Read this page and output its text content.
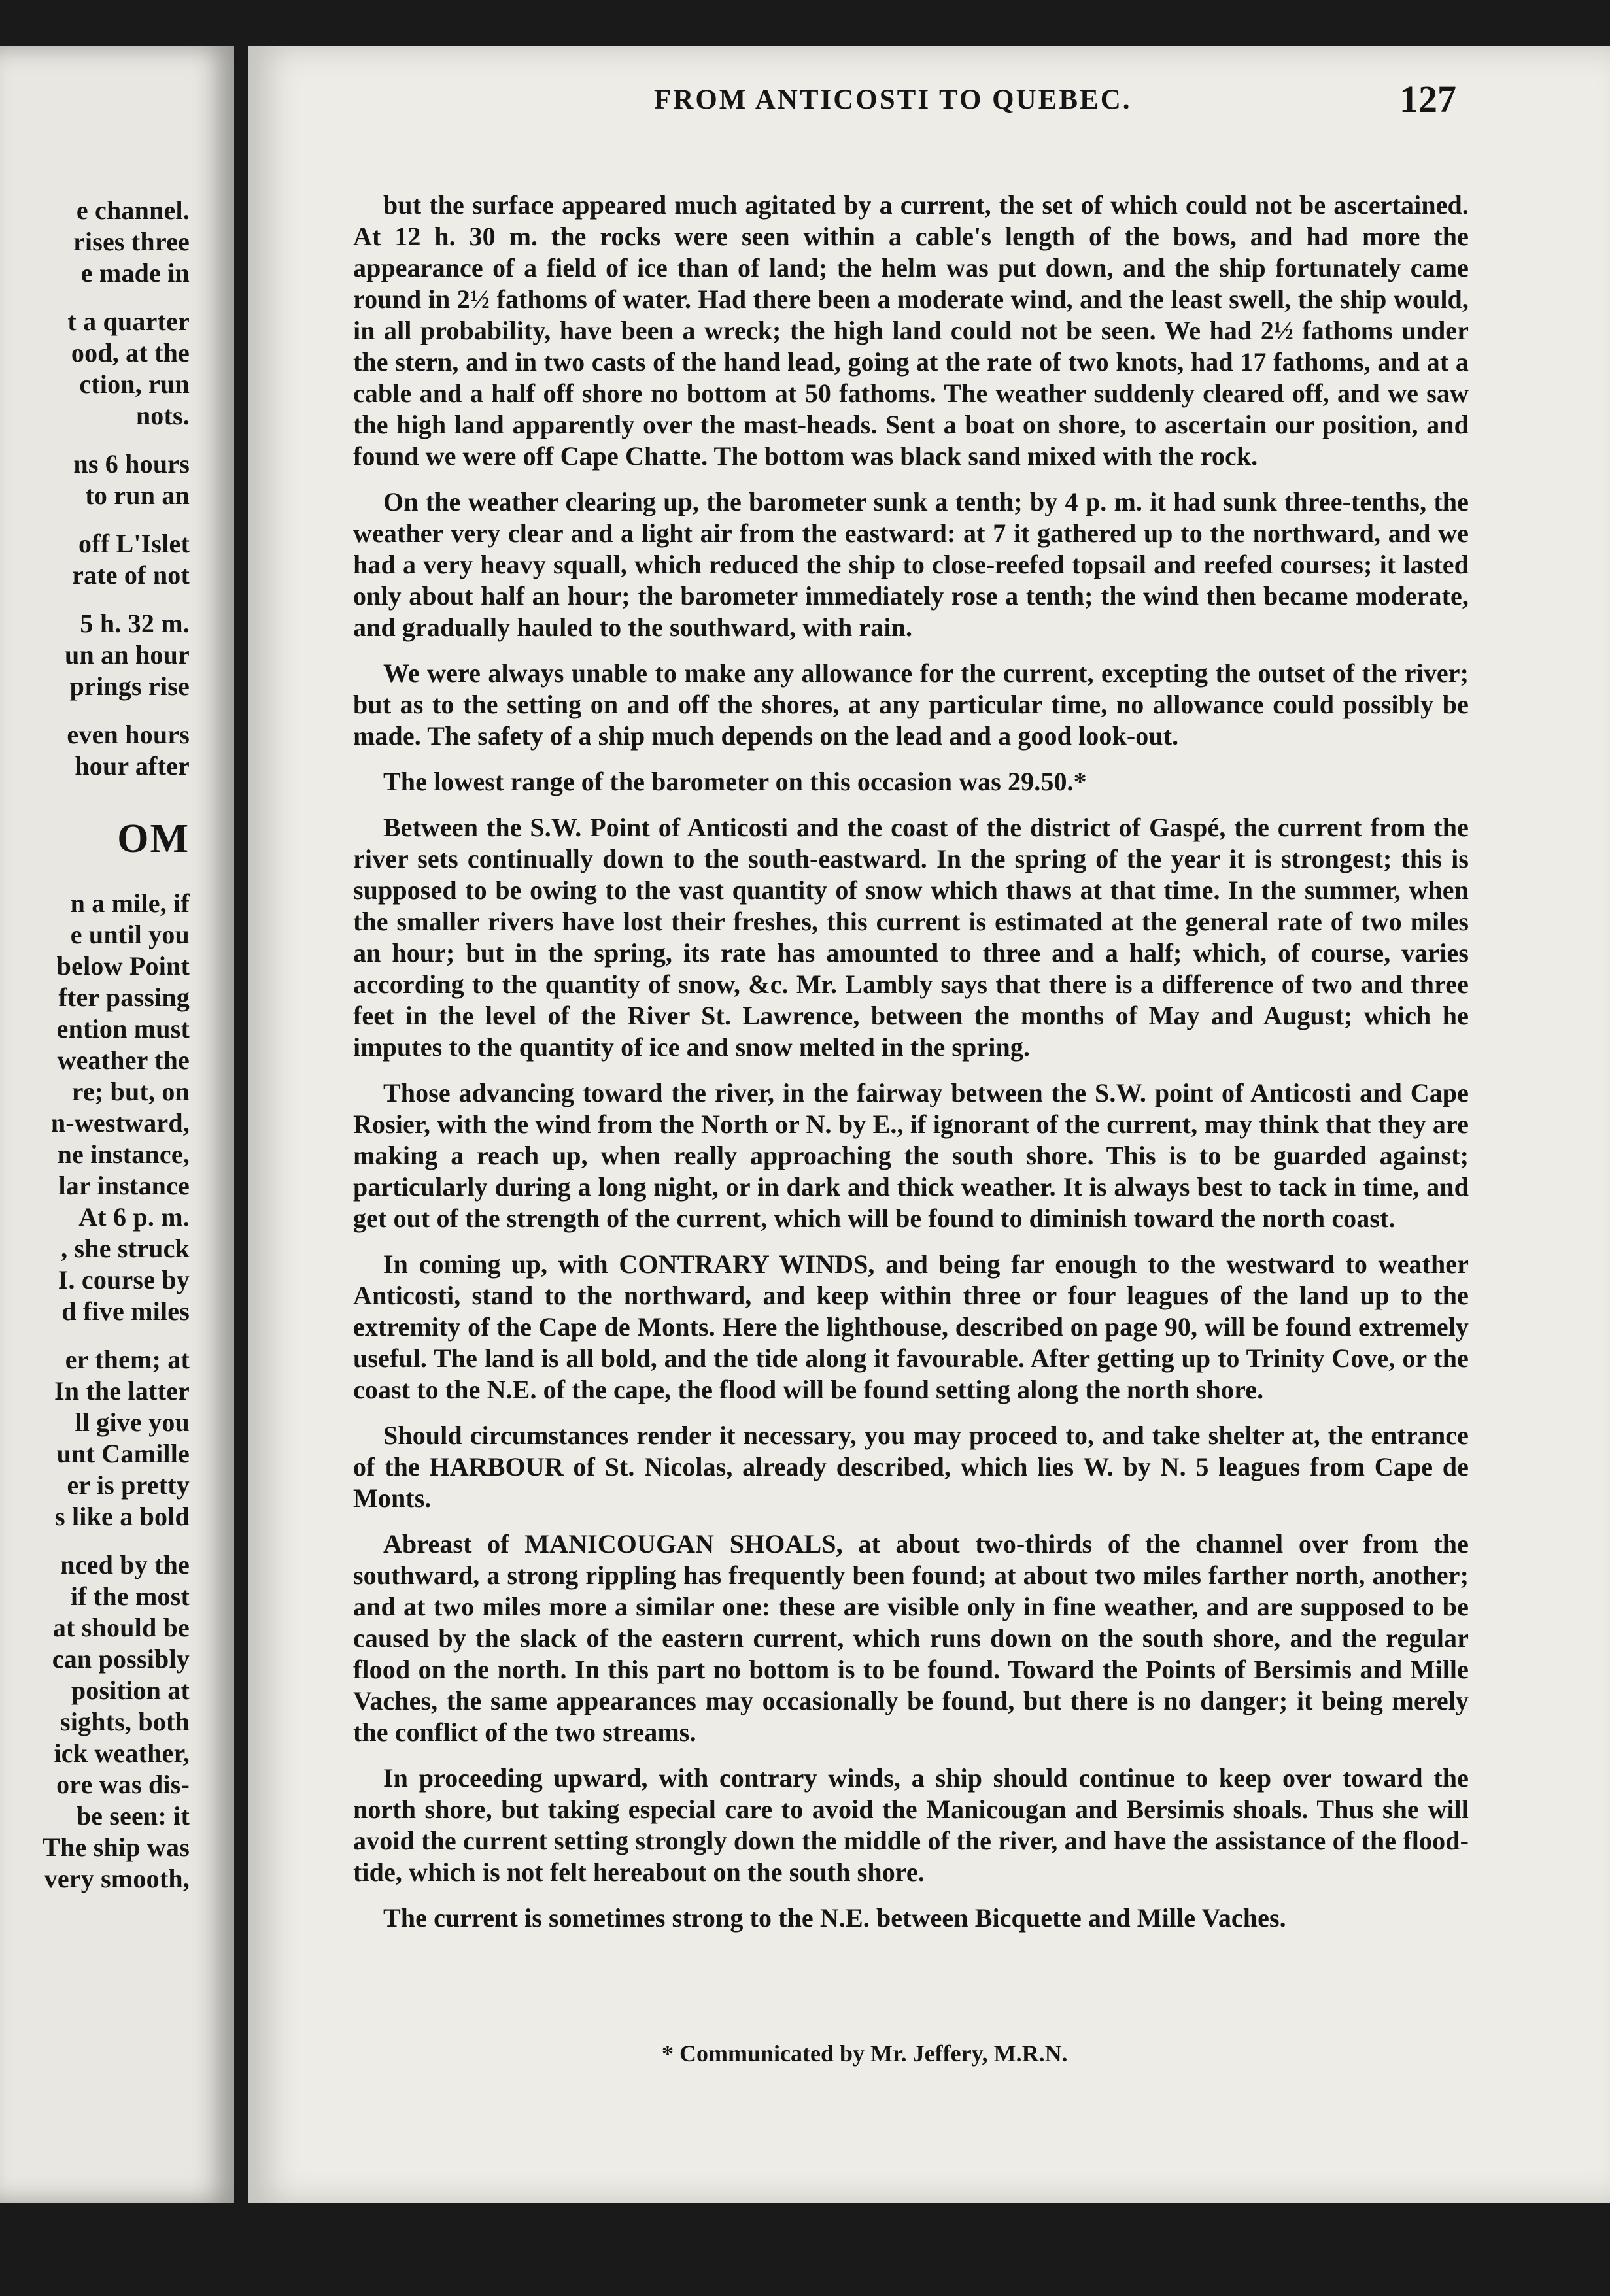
e channel.
rises three
e made in
t a quarter
ood, at the
ction, run
nots.
ns 6 hours
to run an
off L'Islet
rate of not
5 h. 32 m.
un an hour
prings rise
even hours
hour after
OM
n a mile, if
e until you
below Point
fter passing
ention must
weather the
re; but, on
n-westward,
ne instance,
lar instance
At 6 p. m.
, she struck
I. course by
d five miles
er them; at
In the latter
ll give you
unt Camille
er is pretty
s like a bold
nced by the
if the most
at should be
can possibly
position at
sights, both
ick weather,
ore was dis-
be seen: it
The ship was
very smooth,
FROM ANTICOSTI TO QUEBEC.	127

but the surface appeared much agitated by a current, the set of which could not be ascertained. At 12 h. 30 m. the rocks were seen within a cable's length of the bows, and had more the appearance of a field of ice than of land; the helm was put down, and the ship fortunately came round in 2½ fathoms of water. Had there been a moderate wind, and the least swell, the ship would, in all probability, have been a wreck; the high land could not be seen. We had 2½ fathoms under the stern, and in two casts of the hand lead, going at the rate of two knots, had 17 fathoms, and at a cable and a half off shore no bottom at 50 fathoms. The weather suddenly cleared off, and we saw the high land apparently over the mast-heads. Sent a boat on shore, to ascertain our position, and found we were off Cape Chatte. The bottom was black sand mixed with the rock.

On the weather clearing up, the barometer sunk a tenth; by 4 p. m. it had sunk three-tenths, the weather very clear and a light air from the eastward: at 7 it gathered up to the northward, and we had a very heavy squall, which reduced the ship to close-reefed topsail and reefed courses; it lasted only about half an hour; the barometer immediately rose a tenth; the wind then became moderate, and gradually hauled to the southward, with rain.

We were always unable to make any allowance for the current, excepting the outset of the river; but as to the setting on and off the shores, at any particular time, no allowance could possibly be made. The safety of a ship much depends on the lead and a good look-out.

The lowest range of the barometer on this occasion was 29.50.*

Between the S.W. Point of Anticosti and the coast of the district of Gaspé, the current from the river sets continually down to the south-eastward. In the spring of the year it is strongest; this is supposed to be owing to the vast quantity of snow which thaws at that time. In the summer, when the smaller rivers have lost their freshes, this current is estimated at the general rate of two miles an hour; but in the spring, its rate has amounted to three and a half; which, of course, varies according to the quantity of snow, &c. Mr. Lambly says that there is a difference of two and three feet in the level of the River St. Lawrence, between the months of May and August; which he imputes to the quantity of ice and snow melted in the spring.

Those advancing toward the river, in the fairway between the S.W. point of Anticosti and Cape Rosier, with the wind from the North or N. by E., if ignorant of the current, may think that they are making a reach up, when really approaching the south shore. This is to be guarded against; particularly during a long night, or in dark and thick weather. It is always best to tack in time, and get out of the strength of the current, which will be found to diminish toward the north coast.

In coming up, with CONTRARY WINDS, and being far enough to the westward to weather Anticosti, stand to the northward, and keep within three or four leagues of the land up to the extremity of the Cape de Monts. Here the lighthouse, described on page 90, will be found extremely useful. The land is all bold, and the tide along it favourable. After getting up to Trinity Cove, or the coast to the N.E. of the cape, the flood will be found setting along the north shore.

Should circumstances render it necessary, you may proceed to, and take shelter at, the entrance of the HARBOUR of St. Nicolas, already described, which lies W. by N. 5 leagues from Cape de Monts.

Abreast of MANICOUGAN SHOALS, at about two-thirds of the channel over from the southward, a strong rippling has frequently been found; at about two miles farther north, another; and at two miles more a similar one: these are visible only in fine weather, and are supposed to be caused by the slack of the eastern current, which runs down on the south shore, and the regular flood on the north. In this part no bottom is to be found. Toward the Points of Bersimis and Mille Vaches, the same appearances may occasionally be found, but there is no danger; it being merely the conflict of the two streams.

In proceeding upward, with contrary winds, a ship should continue to keep over toward the north shore, but taking especial care to avoid the Manicougan and Bersimis shoals. Thus she will avoid the current setting strongly down the middle of the river, and have the assistance of the flood-tide, which is not felt hereabout on the south shore.

The current is sometimes strong to the N.E. between Bicquette and Mille Vaches.

* Communicated by Mr. Jeffery, M.R.N.
